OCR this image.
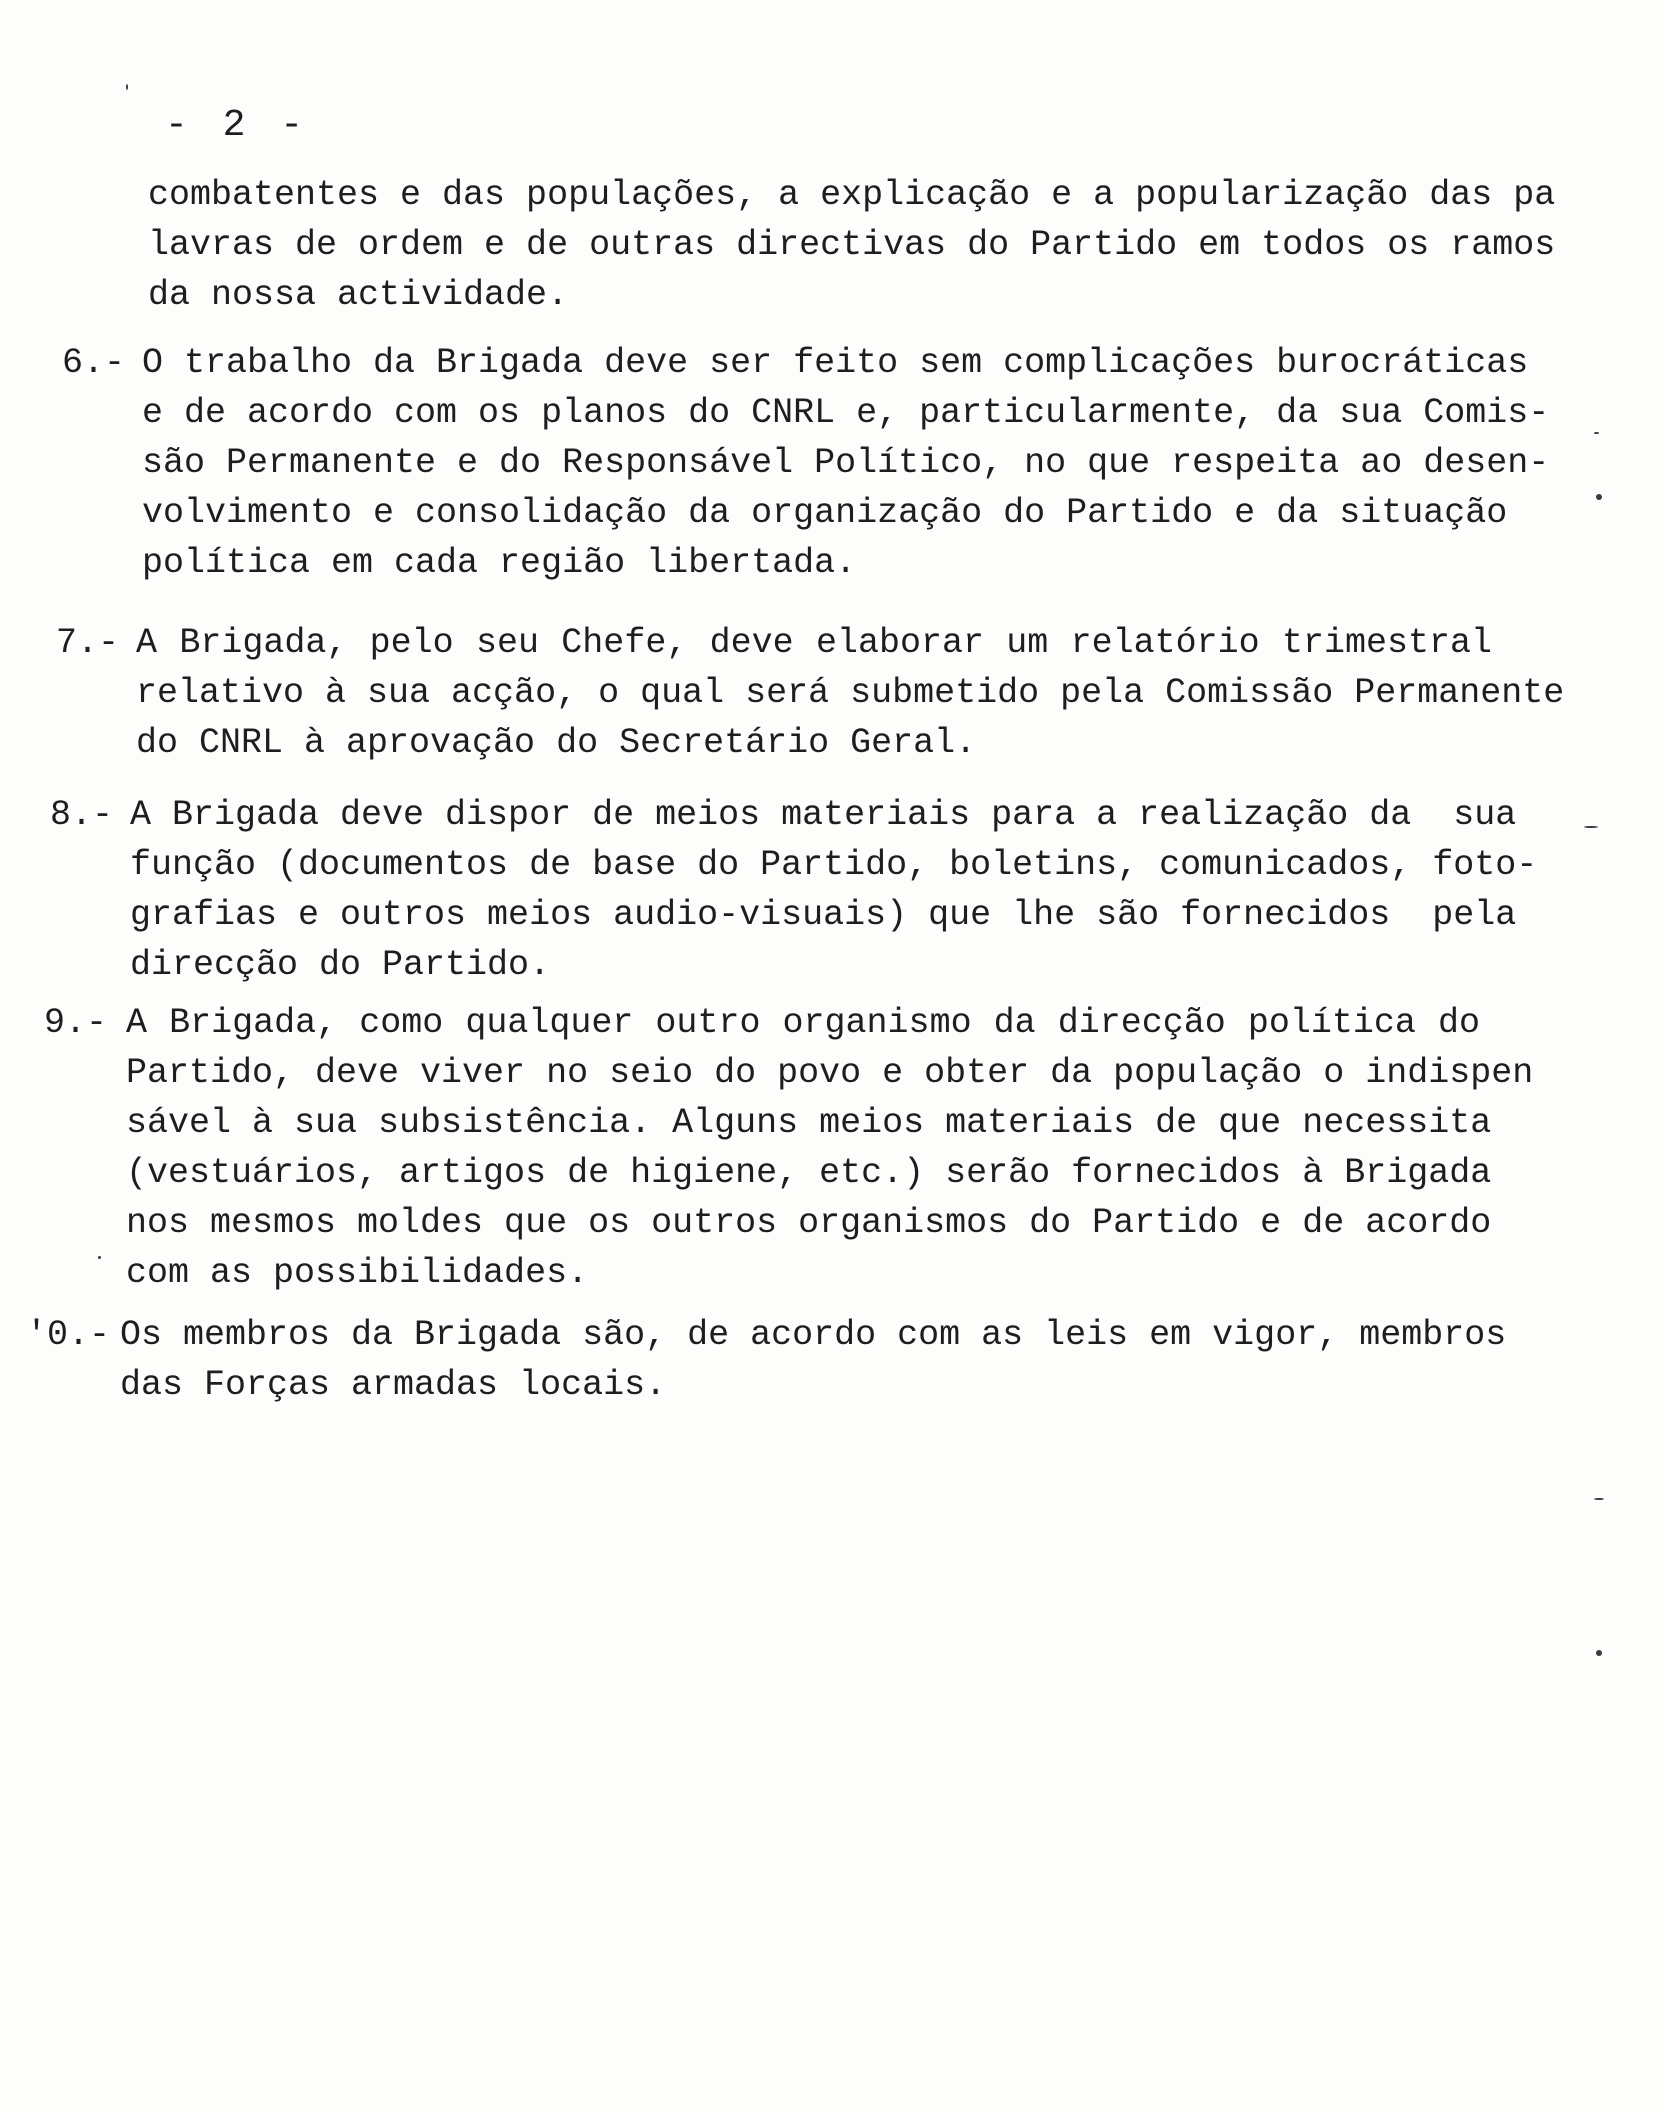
- 2 -
combatentes e das populações, a explicação e a popularização das pa
lavras de ordem e de outras directivas do Partido em todos os ramos
da nossa actividade.
6.- O trabalho da Brigada deve ser feito sem complicações burocráticas
e de acordo com os planos do CNRL e, particularmente, da sua Comis-
são Permanente e do Responsável Político, no que respeita ao desen-
volvimento e consolidação da organização do Partido e da situação
política em cada região libertada.
7.- A Brigada, pelo seu Chefe, deve elaborar um relatório trimestral
relativo à sua acção, o qual será submetido pela Comissão Permanente
do CNRL à aprovação do Secretário Geral.
8.- A Brigada deve dispor de meios materiais para a realização da  sua
função (documentos de base do Partido, boletins, comunicados, foto-
grafias e outros meios audio-visuais) que lhe são fornecidos  pela
direcção do Partido.
9.- A Brigada, como qualquer outro organismo da direcção política do
Partido, deve viver no seio do povo e obter da população o indispen
sável à sua subsistência. Alguns meios materiais de que necessita
(vestuários, artigos de higiene, etc.) serão fornecidos à Brigada
nos mesmos moldes que os outros organismos do Partido e de acordo
com as possibilidades.
'0.- Os membros da Brigada são, de acordo com as leis em vigor, membros
das Forças armadas locais.
